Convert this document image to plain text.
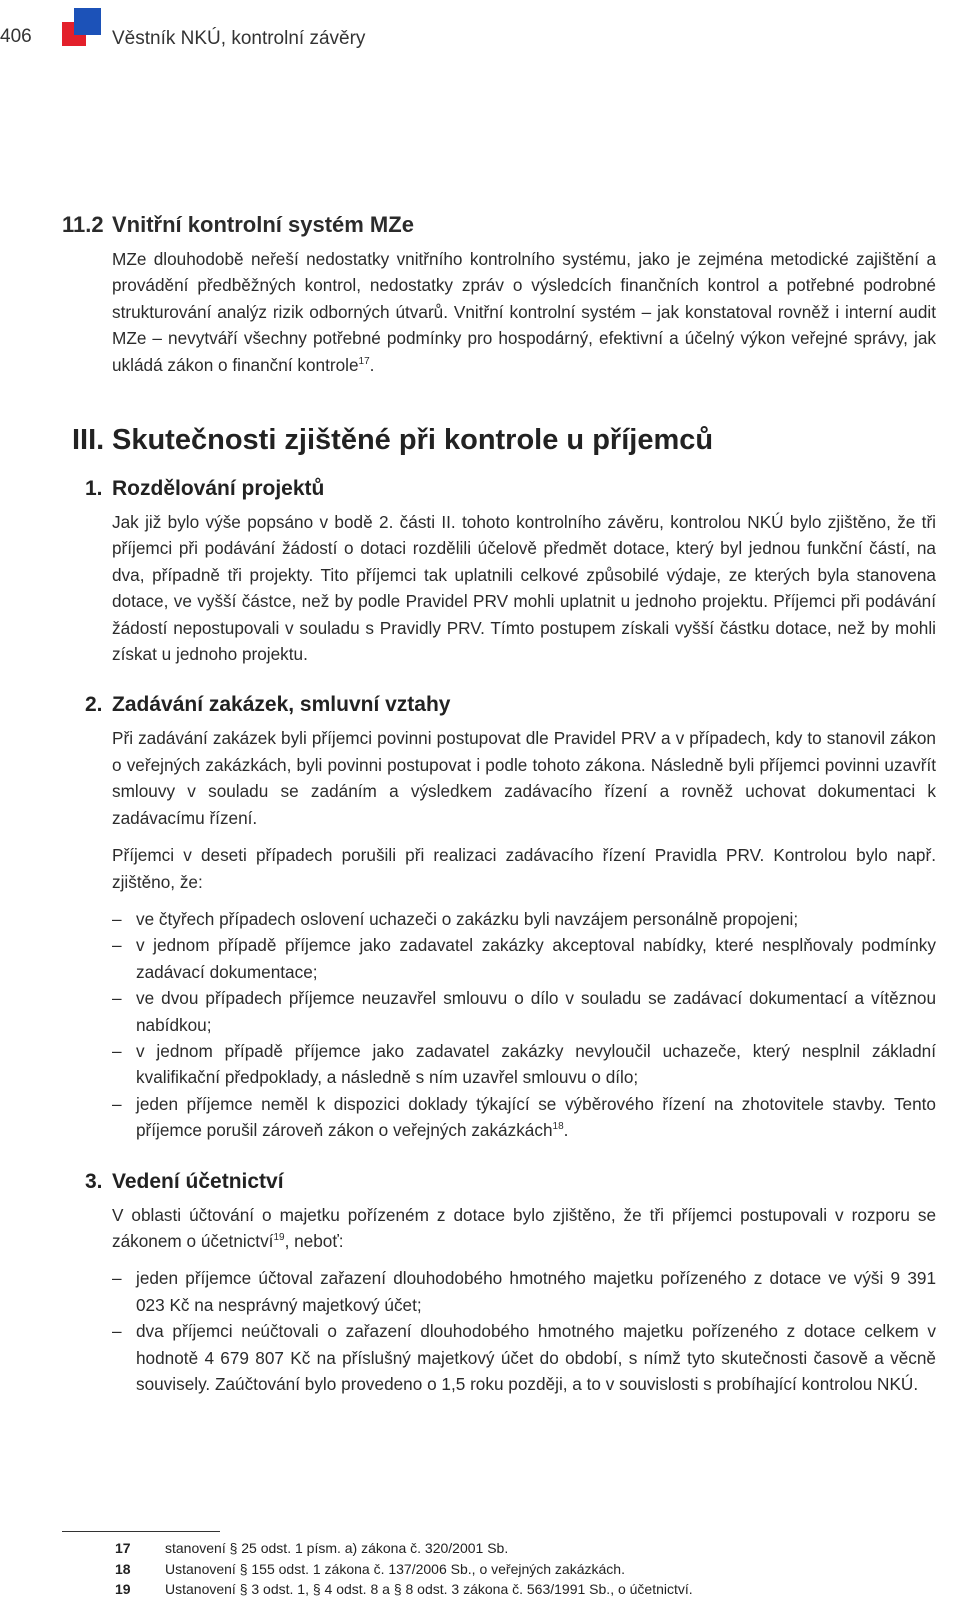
406	Věstník NKÚ, kontrolní závěry
11.2 Vnitřní kontrolní systém MZe

MZe dlouhodobě neřeší nedostatky vnitřního kontrolního systému, jako je zejména metodické zajištění a provádění předběžných kontrol, nedostatky zpráv o výsledcích finančních kontrol a potřebné podrobné strukturování analýz rizik odborných útvarů. Vnitřní kontrolní systém – jak konstatoval rovněž i interní audit MZe – nevytváří všechny potřebné podmínky pro hospodárný, efektivní a účelný výkon veřejné správy, jak ukládá zákon o finanční kontrole$^{17}$.

III. Skutečnosti zjištěné při kontrole u příjemců
1. Rozdělování projektů

Jak již bylo výše popsáno v bodě 2. části II. tohoto kontrolního závěru, kontrolou NKÚ bylo zjištěno, že tři příjemci při podávání žádostí o dotaci rozdělili účelově předmět dotace, který byl jednou funkční částí, na dva, případně tři projekty. Tito příjemci tak uplatnili celkové způsobilé výdaje, ze kterých byla stanovena dotace, ve vyšší částce, než by podle Pravidel PRV mohli uplatnit u jednoho projektu. Příjemci při podávání žádostí nepostupovali v souladu s Pravidly PRV. Tímto postupem získali vyšší částku dotace, než by mohli získat u jednoho projektu.

2. Zadávání zakázek, smluvní vztahy

Při zadávání zakázek byli příjemci povinni postupovat dle Pravidel PRV a v případech, kdy to stanovil zákon o veřejných zakázkách, byli povinni postupovat i podle tohoto zákona. Následně byli příjemci povinni uzavřít smlouvy v souladu se zadáním a výsledkem zadávacího řízení a rovněž uchovat dokumentaci k zadávacímu řízení.

Příjemci v deseti případech porušili při realizaci zadávacího řízení Pravidla PRV. Kontrolou bylo např. zjištěno, že:

– ve čtyřech případech oslovení uchazeči o zakázku byli navzájem personálně propojeni;
– v jednom případě příjemce jako zadavatel zakázky akceptoval nabídky, které nesplňovaly podmínky zadávací dokumentace;
– ve dvou případech příjemce neuzavřel smlouvu o dílo v souladu se zadávací dokumentací a vítěznou nabídkou;
– v jednom případě příjemce jako zadavatel zakázky nevyloučil uchazeče, který nesplnil základní kvalifikační předpoklady, a následně s ním uzavřel smlouvu o dílo;
– jeden příjemce neměl k dispozici doklady týkající se výběrového řízení na zhotovitele stavby. Tento příjemce porušil zároveň zákon o veřejných zakázkách$^{18}$.
3. Vedení účetnictví

V oblasti účtování o majetku pořízeném z dotace bylo zjištěno, že tři příjemci postupovali v rozporu se zákonem o účetnictví$^{19}$, neboť:

– jeden příjemce účtoval zařazení dlouhodobého hmotného majetku pořízeného z dotace ve výši 9 391 023 Kč na nesprávný majetkový účet;
– dva příjemci neúčtovali o zařazení dlouhodobého hmotného majetku pořízeného z dotace celkem v hodnotě 4 679 807 Kč na příslušný majetkový účet do období, s nímž tyto skutečnosti časově a věcně souvisely. Zaúčtování bylo provedeno o 1,5 roku později, a to v souvislosti s probíhající kontrolou NKÚ.
17 stanovení § 25 odst. 1 písm. a) zákona č. 320/2001 Sb.
18 Ustanovení § 155 odst. 1 zákona č. 137/2006 Sb., o veřejných zakázkách.
19 Ustanovení § 3 odst. 1, § 4 odst. 8 a § 8 odst. 3 zákona č. 563/1991 Sb., o účetnictví.
